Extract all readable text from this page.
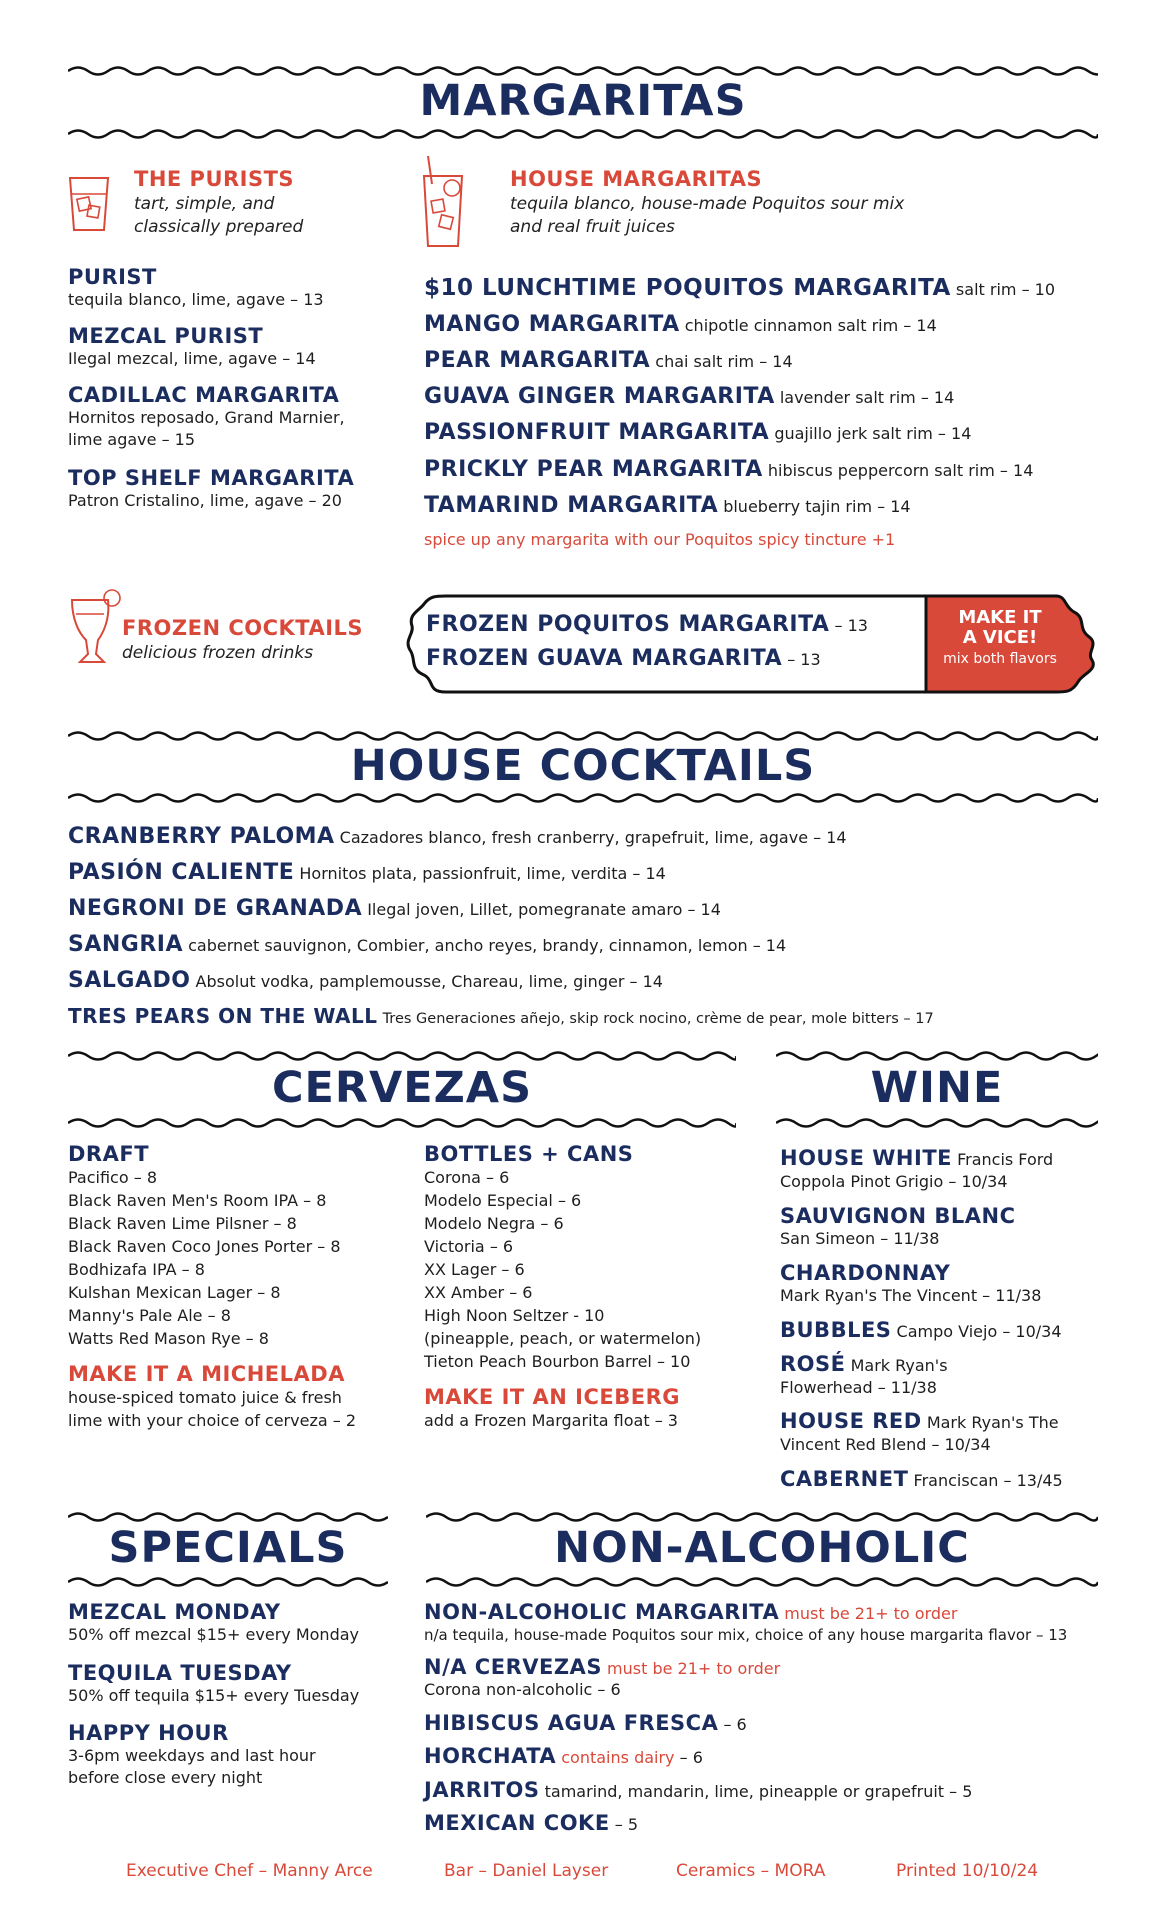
MARGARITAS
THE PURISTS
tart, simple, and
classically prepared
PURIST
tequila blanco, lime, agave – 13
MEZCAL PURIST
Ilegal mezcal, lime, agave – 14
CADILLAC MARGARITA
Hornitos reposado, Grand Marnier,
lime agave – 15
TOP SHELF MARGARITA
Patron Cristalino, lime, agave – 20
HOUSE MARGARITAS
tequila blanco, house-made Poquitos sour mix
and real fruit juices
$10 LUNCHTIME POQUITOS MARGARITA salt rim – 10
MANGO MARGARITA chipotle cinnamon salt rim – 14
PEAR MARGARITA chai salt rim – 14
GUAVA GINGER MARGARITA lavender salt rim – 14
PASSIONFRUIT MARGARITA guajillo jerk salt rim – 14
PRICKLY PEAR MARGARITA hibiscus peppercorn salt rim – 14
TAMARIND MARGARITA blueberry tajin rim – 14
spice up any margarita with our Poquitos spicy tincture +1
FROZEN COCKTAILS
delicious frozen drinks
FROZEN POQUITOS MARGARITA – 13
FROZEN GUAVA MARGARITA – 13
MAKE IT
A VICE!
mix both flavors
HOUSE COCKTAILS
CRANBERRY PALOMA Cazadores blanco, fresh cranberry, grapefruit, lime, agave – 14
PASIÓN CALIENTE Hornitos plata, passionfruit, lime, verdita – 14
NEGRONI DE GRANADA Ilegal joven, Lillet, pomegranate amaro – 14
SANGRIA cabernet sauvignon, Combier, ancho reyes, brandy, cinnamon, lemon – 14
SALGADO Absolut vodka, pamplemousse, Chareau, lime, ginger – 14
TRES PEARS ON THE WALL Tres Generaciones añejo, skip rock nocino, crème de pear, mole bitters – 17
CERVEZAS
DRAFT
Pacifico – 8
Black Raven Men's Room IPA – 8
Black Raven Lime Pilsner – 8
Black Raven Coco Jones Porter – 8
Bodhizafa IPA – 8
Kulshan Mexican Lager – 8
Manny's Pale Ale – 8
Watts Red Mason Rye – 8
MAKE IT A MICHELADA
house-spiced tomato juice & fresh
lime with your choice of cerveza – 2
BOTTLES + CANS
Corona – 6
Modelo Especial – 6
Modelo Negra – 6
Victoria – 6
XX Lager – 6
XX Amber – 6
High Noon Seltzer - 10
(pineapple, peach, or watermelon)
Tieton Peach Bourbon Barrel – 10
MAKE IT AN ICEBERG
add a Frozen Margarita float – 3
WINE
HOUSE WHITE Francis Ford
Coppola Pinot Grigio – 10/34
SAUVIGNON BLANC
San Simeon – 11/38
CHARDONNAY
Mark Ryan's The Vincent – 11/38
BUBBLES Campo Viejo – 10/34
ROSÉ Mark Ryan's
Flowerhead – 11/38
HOUSE RED Mark Ryan's The
Vincent Red Blend – 10/34
CABERNET Franciscan – 13/45
SPECIALS
MEZCAL MONDAY
50% off mezcal $15+ every Monday
TEQUILA TUESDAY
50% off tequila $15+ every Tuesday
HAPPY HOUR
3-6pm weekdays and last hour
before close every night
NON-ALCOHOLIC
NON-ALCOHOLIC MARGARITA must be 21+ to order
n/a tequila, house-made Poquitos sour mix, choice of any house margarita flavor – 13
N/A CERVEZAS must be 21+ to order
Corona non-alcoholic – 6
HIBISCUS AGUA FRESCA – 6
HORCHATA contains dairy – 6
JARRITOS tamarind, mandarin, lime, pineapple or grapefruit – 5
MEXICAN COKE – 5
Executive Chef – Manny Arce	Bar – Daniel Layser	Ceramics – MORA	Printed 10/10/24
